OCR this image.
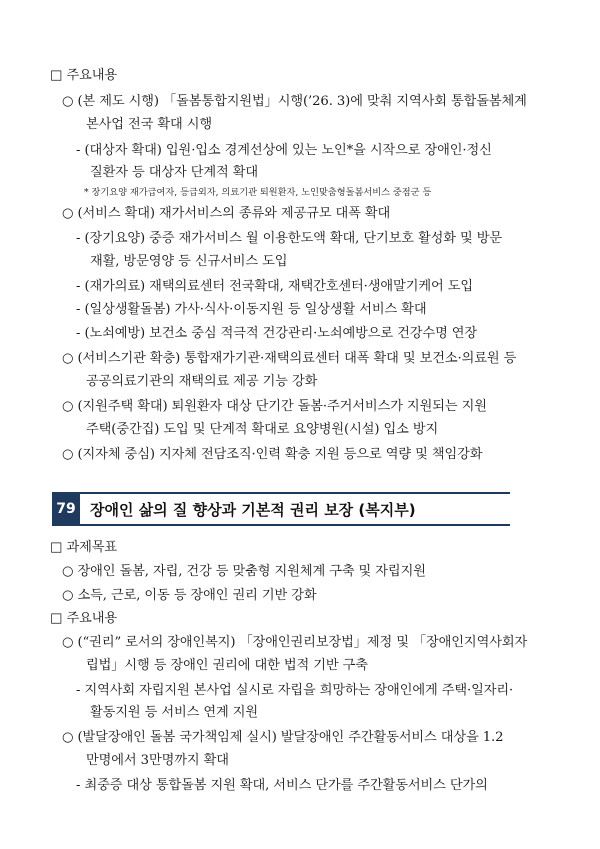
□ 주요내용
○ (본 제도 시행) 「돌봄통합지원법」시행(’26. 3)에 맞춰 지역사회 통합돌봄체계
본사업 전국 확대 시행
- (대상자 확대) 입원·입소 경계선상에 있는 노인*을 시작으로 장애인·정신
질환자 등 대상자 단계적 확대
* 장기요양 재가급여자, 등급외자, 의료기관 퇴원환자, 노인맞춤형돌봄서비스 중점군 등
○ (서비스 확대) 재가서비스의 종류와 제공규모 대폭 확대
- (장기요양) 중증 재가서비스 월 이용한도액 확대, 단기보호 활성화 및 방문
재활, 방문영양 등 신규서비스 도입
- (재가의료) 재택의료센터 전국확대, 재택간호센터·생애말기케어 도입
- (일상생활돌봄) 가사·식사·이동지원 등 일상생활 서비스 확대
- (노쇠예방) 보건소 중심 적극적 건강관리·노쇠예방으로 건강수명 연장
○ (서비스기관 확충) 통합재가기관·재택의료센터 대폭 확대 및 보건소·의료원 등
공공의료기관의 재택의료 제공 기능 강화
○ (지원주택 확대) 퇴원환자 대상 단기간 돌봄·주거서비스가 지원되는 지원
주택(중간집) 도입 및 단계적 확대로 요양병원(시설) 입소 방지
○ (지자체 중심) 지자체 전담조직·인력 확충 지원 등으로 역량 및 책임강화
79 장애인 삶의 질 향상과 기본적 권리 보장 (복지부)
□ 과제목표
○ 장애인 돌봄, 자립, 건강 등 맞춤형 지원체계 구축 및 자립지원
○ 소득, 근로, 이동 등 장애인 권리 기반 강화
□ 주요내용
○ (“권리” 로서의 장애인복지) 「장애인권리보장법」제정 및 「장애인지역사회자
립법」시행 등 장애인 권리에 대한 법적 기반 구축
- 지역사회 자립지원 본사업 실시로 자립을 희망하는 장애인에게 주택·일자리·
활동지원 등 서비스 연계 지원
○ (발달장애인 돌봄 국가책임제 실시) 발달장애인 주간활동서비스 대상을 1.2
만명에서 3만명까지 확대
- 최중증 대상 통합돌봄 지원 확대, 서비스 단가를 주간활동서비스 단가의
